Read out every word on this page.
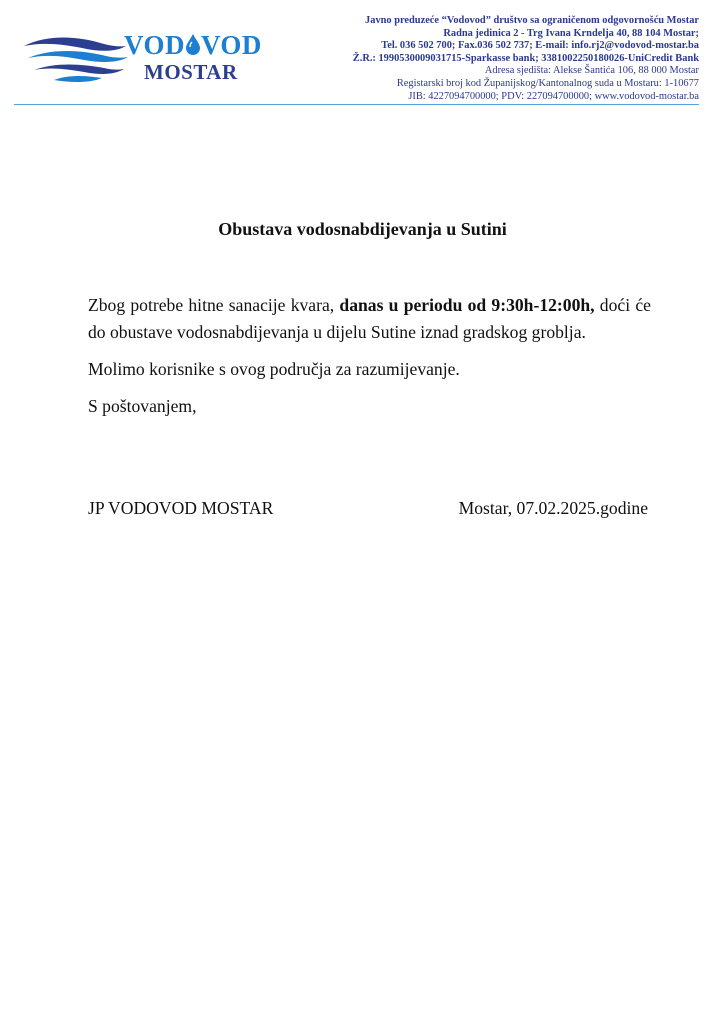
VOD VOD
MOSTAR
Javno preduzeće “Vodovod” društvo sa ograničenom odgovornošću Mostar
Radna jedinica 2 - Trg Ivana Krndelja 40, 88 104 Mostar;
Tel. 036 502 700; Fax.036 502 737; E-mail: info.rj2@vodovod-mostar.ba
Ž.R.: 1990530009031715-Sparkasse bank; 3381002250180026-UniCredit Bank
Adresa sjedišta: Alekse Šantića 106, 88 000 Mostar
Registarski broj kod Županijskog/Kantonalnog suda u Mostaru: 1-10677
JIB: 4227094700000; PDV: 227094700000; www.vodovod-mostar.ba
Obustava vodosnabdijevanja u Sutini

Zbog potrebe hitne sanacije kvara, danas u periodu od 9:30h-12:00h, doći će do obustave vodosnabdijevanja u dijelu Sutine iznad gradskog groblja.

Molimo korisnike s ovog područja za razumijevanje.

S poštovanjem,

JP VODOVOD MOSTAR	Mostar, 07.02.2025.godine
